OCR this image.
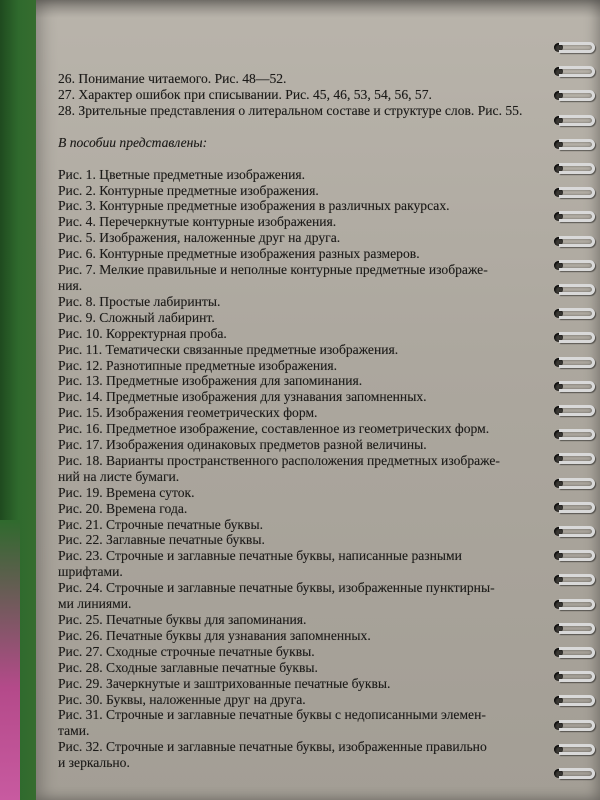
26. Понимание читаемого. Рис. 48—52.
27. Характер ошибок при списывании. Рис. 45, 46, 53, 54, 56, 57.
28. Зрительные представления о литеральном составе и структуре слов. Рис. 55.
В пособии представлены:
Рис. 1. Цветные предметные изображения.
Рис. 2. Контурные предметные изображения.
Рис. 3. Контурные предметные изображения в различных ракурсах.
Рис. 4. Перечеркнутые контурные изображения.
Рис. 5. Изображения, наложенные друг на друга.
Рис. 6. Контурные предметные изображения разных размеров.
Рис. 7. Мелкие правильные и неполные контурные предметные изображе-
ния.
Рис. 8. Простые лабиринты.
Рис. 9. Сложный лабиринт.
Рис. 10. Корректурная проба.
Рис. 11. Тематически связанные предметные изображения.
Рис. 12. Разнотипные предметные изображения.
Рис. 13. Предметные изображения для запоминания.
Рис. 14. Предметные изображения для узнавания запомненных.
Рис. 15. Изображения геометрических форм.
Рис. 16. Предметное изображение, составленное из геометрических форм.
Рис. 17. Изображения одинаковых предметов разной величины.
Рис. 18. Варианты пространственного расположения предметных изображе-
ний на листе бумаги.
Рис. 19. Времена суток.
Рис. 20. Времена года.
Рис. 21. Строчные печатные буквы.
Рис. 22. Заглавные печатные буквы.
Рис. 23. Строчные и заглавные печатные буквы, написанные разными
шрифтами.
Рис. 24. Строчные и заглавные печатные буквы, изображенные пунктирны-
ми линиями.
Рис. 25. Печатные буквы для запоминания.
Рис. 26. Печатные буквы для узнавания запомненных.
Рис. 27. Сходные строчные печатные буквы.
Рис. 28. Сходные заглавные печатные буквы.
Рис. 29. Зачеркнутые и заштрихованные печатные буквы.
Рис. 30. Буквы, наложенные друг на друга.
Рис. 31. Строчные и заглавные печатные буквы с недописанными элемен-
тами.
Рис. 32. Строчные и заглавные печатные буквы, изображенные правильно
и зеркально.
